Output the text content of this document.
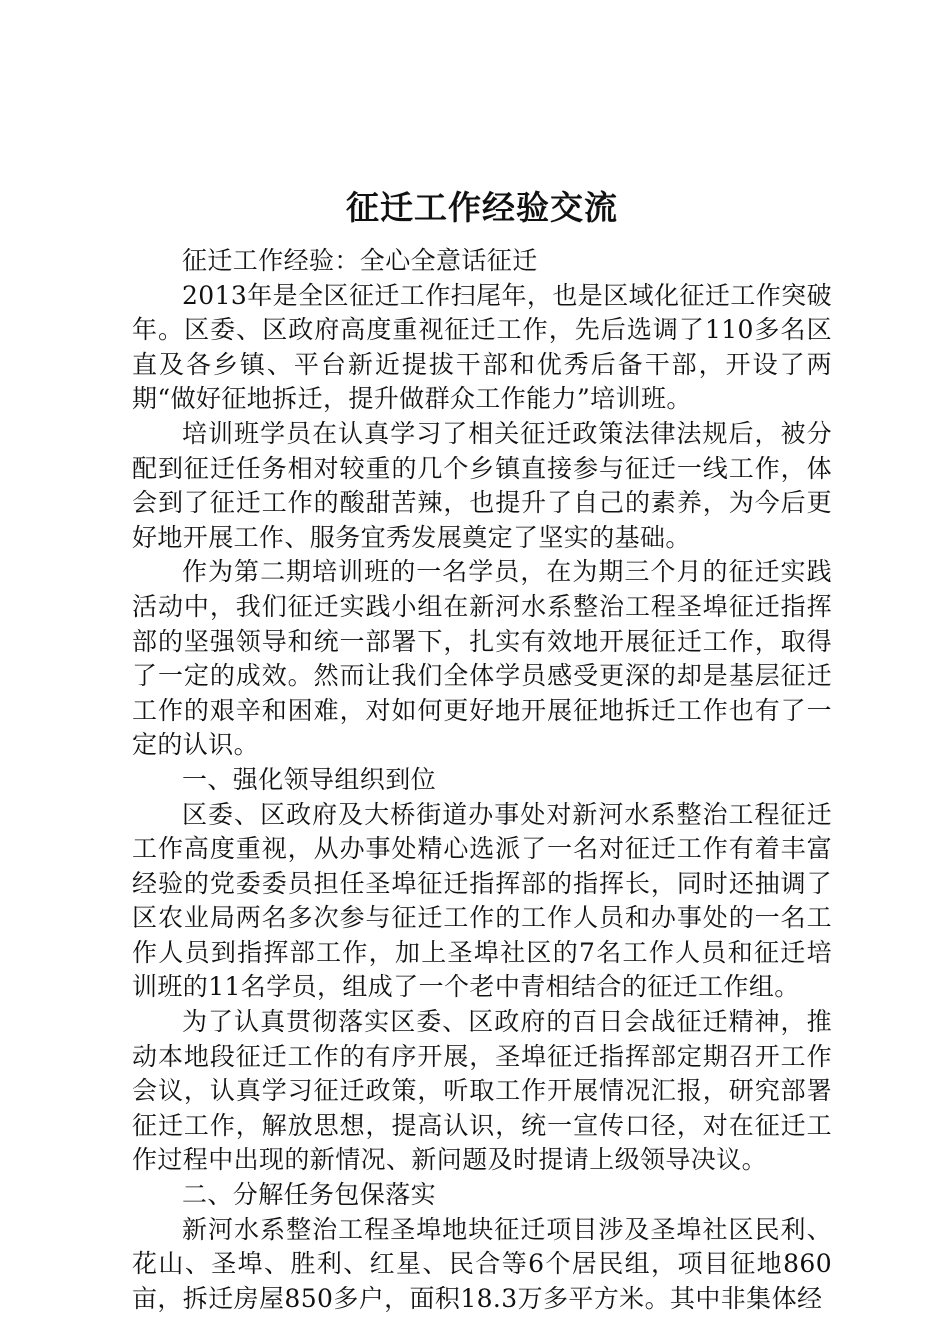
征迁工作经验交流

征迁工作经验：全心全意话征迁

2013年是全区征迁工作扫尾年，也是区域化征迁工作突破年。区委、区政府高度重视征迁工作，先后选调了110多名区直及各乡镇、平台新近提拔干部和优秀后备干部，开设了两期“做好征地拆迁，提升做群众工作能力”培训班。

培训班学员在认真学习了相关征迁政策法律法规后，被分配到征迁任务相对较重的几个乡镇直接参与征迁一线工作，体会到了征迁工作的酸甜苦辣，也提升了自己的素养，为今后更好地开展工作、服务宜秀发展奠定了坚实的基础。

作为第二期培训班的一名学员，在为期三个月的征迁实践活动中，我们征迁实践小组在新河水系整治工程圣埠征迁指挥部的坚强领导和统一部署下，扎实有效地开展征迁工作，取得了一定的成效。然而让我们全体学员感受更深的却是基层征迁工作的艰辛和困难，对如何更好地开展征地拆迁工作也有了一定的认识。

一、强化领导组织到位

区委、区政府及大桥街道办事处对新河水系整治工程征迁工作高度重视，从办事处精心选派了一名对征迁工作有着丰富经验的党委委员担任圣埠征迁指挥部的指挥长，同时还抽调了区农业局两名多次参与征迁工作的工作人员和办事处的一名工作人员到指挥部工作，加上圣埠社区的7名工作人员和征迁培训班的11名学员，组成了一个老中青相结合的征迁工作组。

为了认真贯彻落实区委、区政府的百日会战征迁精神，推动本地段征迁工作的有序开展，圣埠征迁指挥部定期召开工作会议，认真学习征迁政策，听取工作开展情况汇报，研究部署征迁工作，解放思想，提高认识，统一宣传口径，对在征迁工作过程中出现的新情况、新问题及时提请上级领导决议。

二、分解任务包保落实

新河水系整治工程圣埠地块征迁项目涉及圣埠社区民利、花山、圣埠、胜利、红星、民合等6个居民组，项目征地860亩，拆迁房屋850多户，面积18.3万多平方米。其中非集体经
